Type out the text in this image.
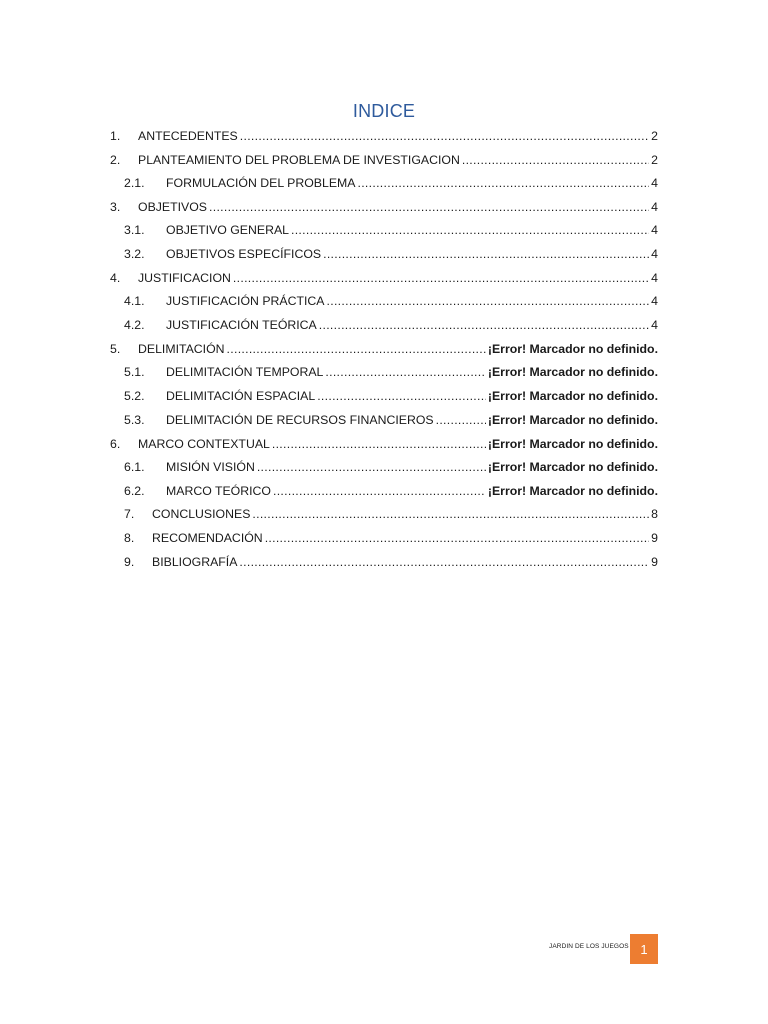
INDICE
1.	ANTECEDENTES .....	2
2.	PLANTEAMIENTO DEL PROBLEMA DE INVESTIGACION .....	2
2.1.	FORMULACIÓN DEL PROBLEMA .....	4
3.	OBJETIVOS .....	4
3.1.	OBJETIVO GENERAL .....	4
3.2.	OBJETIVOS ESPECÍFICOS .....	4
4.	JUSTIFICACION .....	4
4.1.	JUSTIFICACIÓN PRÁCTICA .....	4
4.2.	JUSTIFICACIÓN TEÓRICA .....	4
5.	DELIMITACIÓN .....	¡Error! Marcador no definido.
5.1.	DELIMITACIÓN TEMPORAL .....	¡Error! Marcador no definido.
5.2.	DELIMITACIÓN ESPACIAL .....	¡Error! Marcador no definido.
5.3.	DELIMITACIÓN DE RECURSOS FINANCIEROS .....	¡Error! Marcador no definido.
6.	MARCO CONTEXTUAL .....	¡Error! Marcador no definido.
6.1.	MISIÓN VISIÓN .....	¡Error! Marcador no definido.
6.2.	MARCO TEÓRICO .....	¡Error! Marcador no definido.
7.	CONCLUSIONES .....	8
8.	RECOMENDACIÓN .....	9
9.	BIBLIOGRAFÍA .....	9
JARDIN DE LOS JUEGOS 1
